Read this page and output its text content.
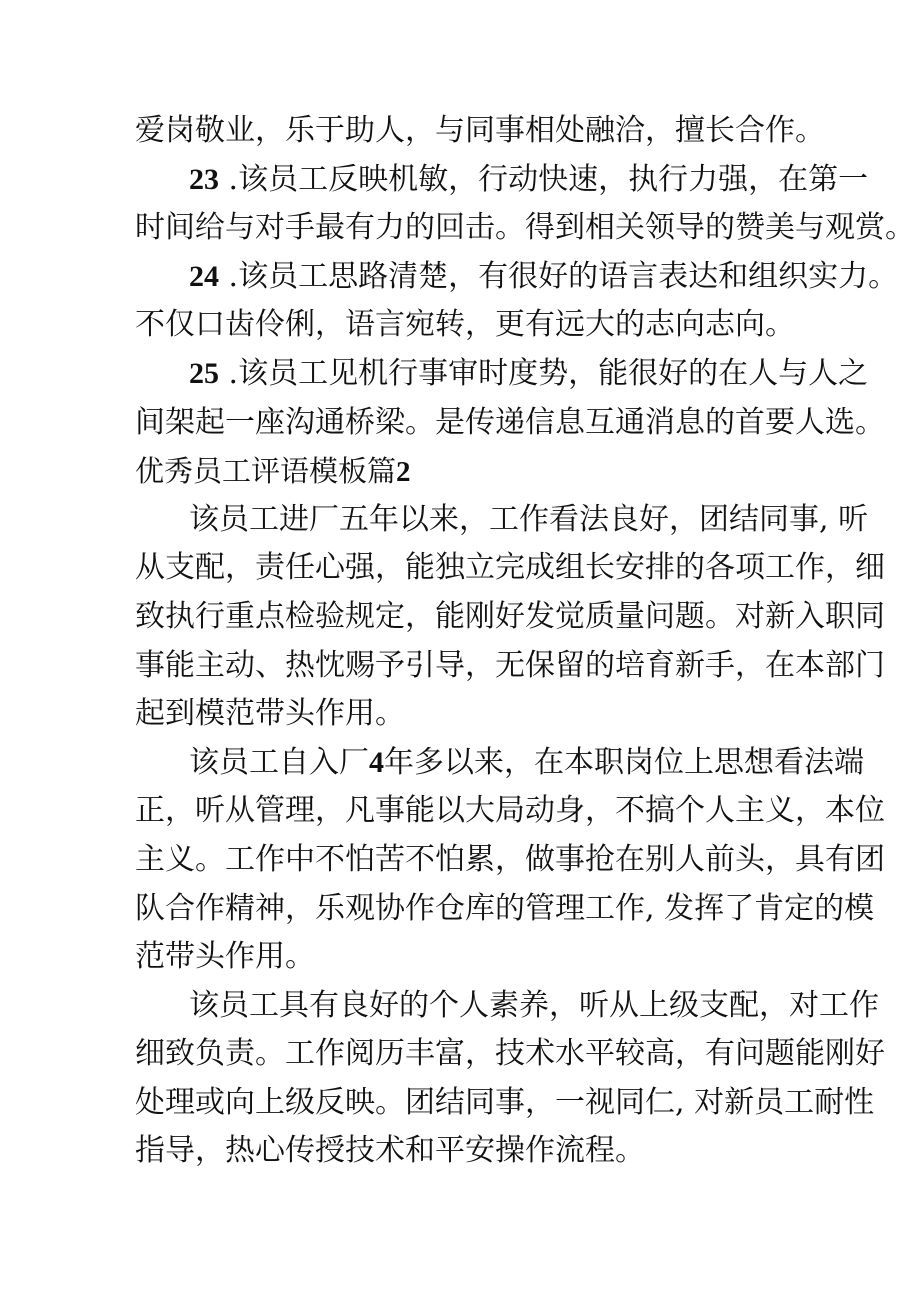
爱岗敬业，乐于助人，与同事相处融洽，擅长合作。
23 .该员工反映机敏，行动快速，执行力强，在第一
时间给与对手最有力的回击。得到相关领导的赞美与观赏。
24 .该员工思路清楚，有很好的语言表达和组织实力。
不仅口齿伶俐，语言宛转，更有远大的志向志向。
25 .该员工见机行事审时度势，能很好的在人与人之
间架起一座沟通桥梁。是传递信息互通消息的首要人选。
优秀员工评语模板篇2
该员工进厂五年以来，工作看法良好，团结同事, 听
从支配，责任心强，能独立完成组长安排的各项工作，细
致执行重点检验规定，能刚好发觉质量问题。对新入职同
事能主动、热忱赐予引导，无保留的培育新手，在本部门
起到模范带头作用。
该员工自入厂4年多以来，在本职岗位上思想看法端
正，听从管理，凡事能以大局动身，不搞个人主义，本位
主义。工作中不怕苦不怕累，做事抢在别人前头，具有团
队合作精神，乐观协作仓库的管理工作, 发挥了肯定的模
范带头作用。
该员工具有良好的个人素养，听从上级支配，对工作
细致负责。工作阅历丰富，技术水平较高，有问题能刚好
处理或向上级反映。团结同事，一视同仁, 对新员工耐性
指导，热心传授技术和平安操作流程。
